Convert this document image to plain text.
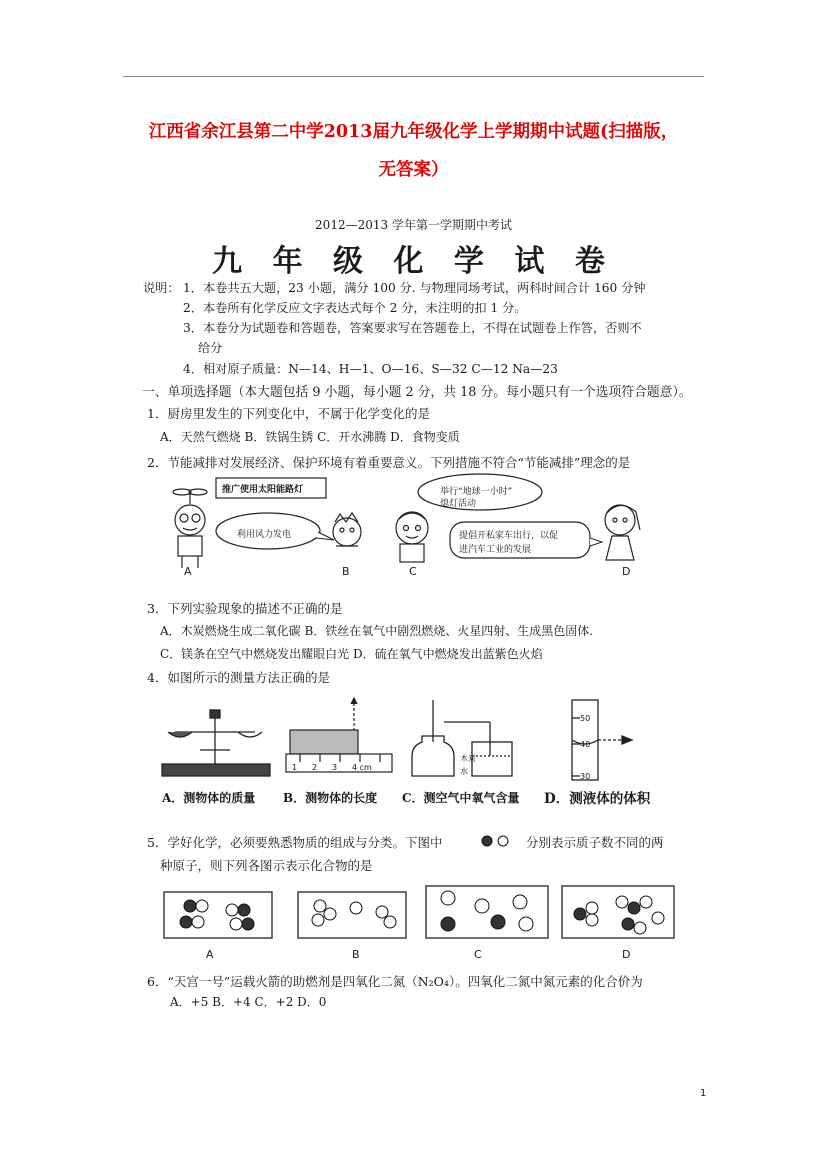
江西省余江县第二中学2013届九年级化学上学期期中试题(扫描版，
无答案）
2012—2013 学年第一学期期中考试
九 年 级 化 学 试 卷
说明： 1．本卷共五大题，23 小题，满分 100 分. 与物理同场考试，两科时间合计 160 分钟
2．本卷所有化学反应文字表达式每个 2 分，未注明的扣 1 分。
3．本卷分为试题卷和答题卷，答案要求写在答题卷上，不得在试题卷上作答，否则不
给分
4．相对原子质量：N—14、H—1、O—16、S—32 C—12 Na—23
一、单项选择题（本大题包括 9 小题，每小题 2 分，共 18 分。每小题只有一个选项符合题意）。
1．厨房里发生的下列变化中，不属于化学变化的是
A．天然气燃烧 B．铁锅生锈 C．开水沸腾 D．食物变质
2．节能减排对发展经济、保护环境有着重要意义。下列措施不符合“节能减排”理念的是
推广使用太阳能路灯
利用风力发电
举行“地球一小时”
熄灯活动
提倡开私家车出行，以促
进汽车工业的发展
A	B	C	D
3．下列实验现象的描述不正确的是
A．木炭燃烧生成二氧化碳 B．铁丝在氧气中剧烈燃烧、火星四射、生成黑色固体.
C．镁条在空气中燃烧发出耀眼白光 D．硫在氧气中燃烧发出蓝紫色火焰
4．如图所示的测量方法正确的是
1 2 3 4 cm
木炭
水
50
40
30
A．测物体的质量 B．测物体的长度 C．测空气中氧气含量 D．测液体的体积
5．学好化学，必须要熟悉物质的组成与分类。下图中	分别表示质子数不同的两
种原子，则下列各图示表示化合物的是
A	B	C	D
6．“天宫一号”运载火箭的助燃剂是四氧化二氮（N₂O₄）。四氧化二氮中氮元素的化合价为
A．+5 B．+4 C．+2 D．0
1
